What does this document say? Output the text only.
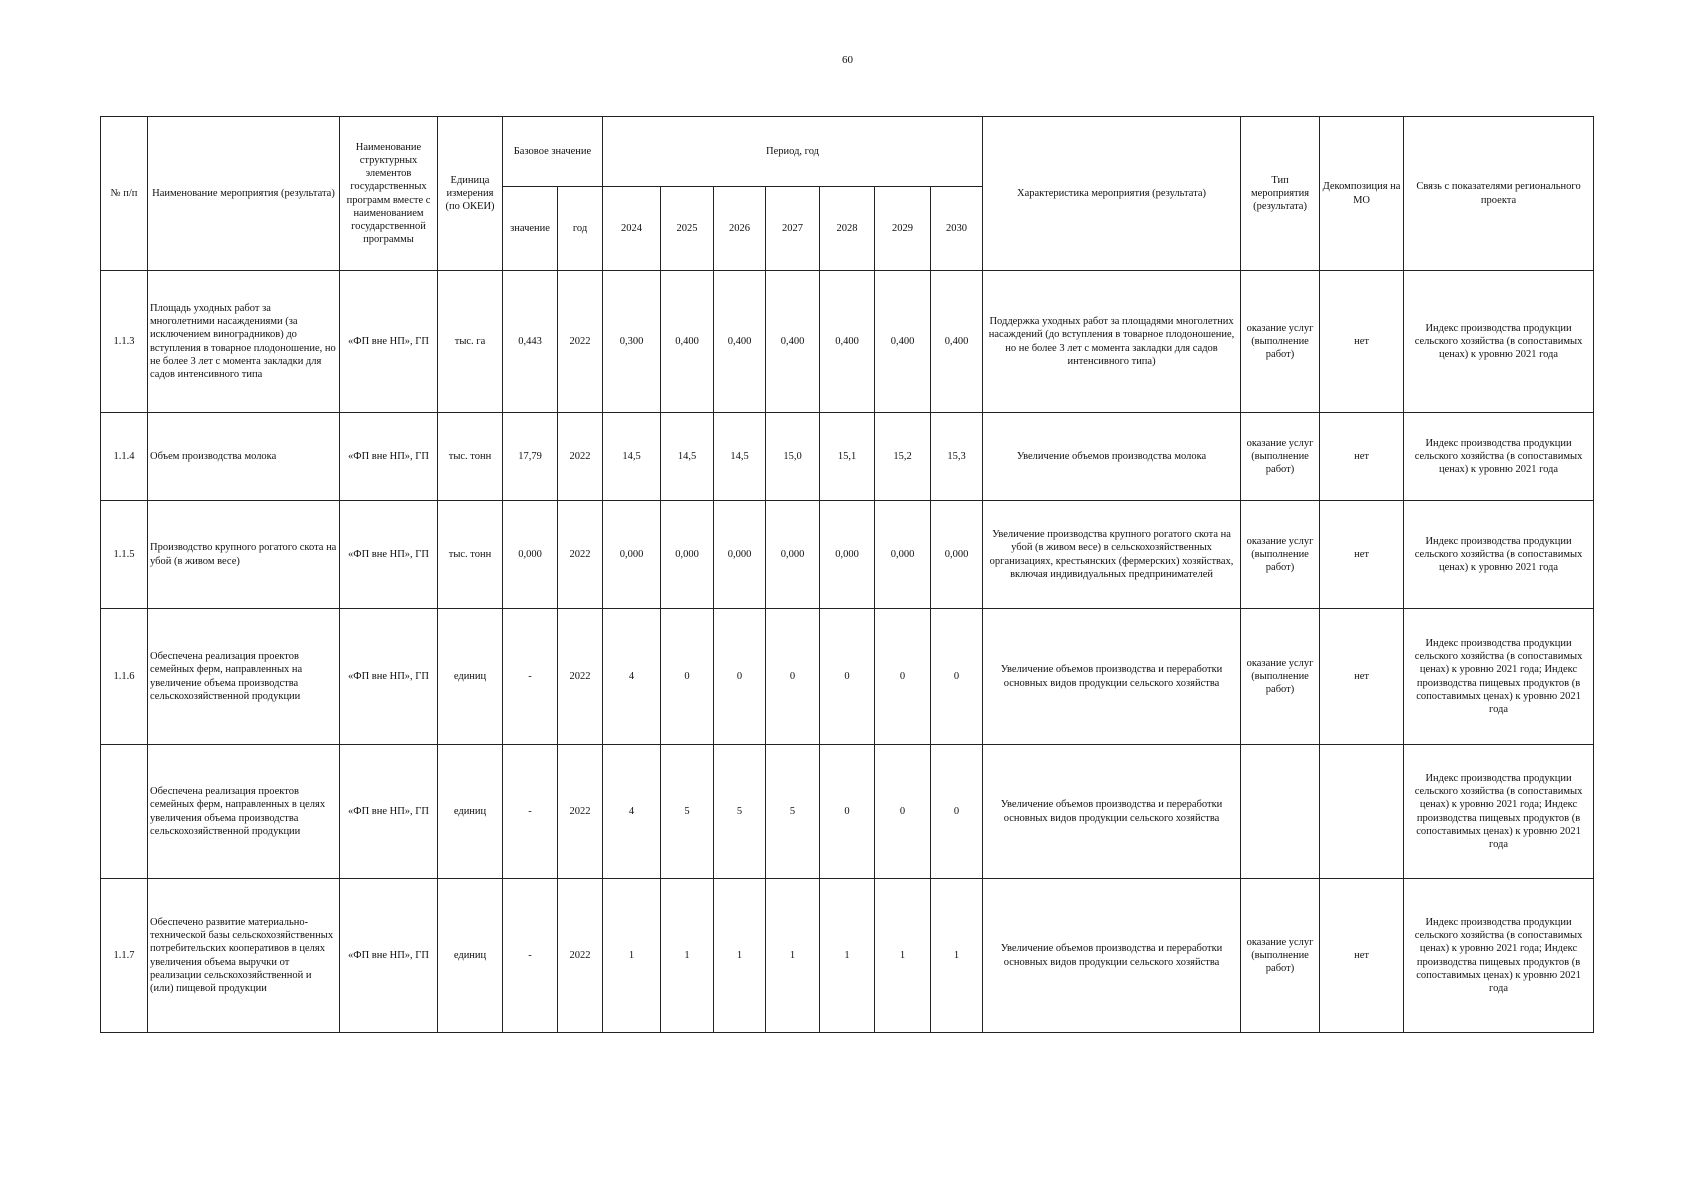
60
№ п/п	Наименование мероприятия (результата)	Наименование структурных элементов государственных программ вместе с наименованием государственной программы	Единица измерения (по ОКЕИ)	Базовое значение		Период, год							Характеристика мероприятия (результата)	Тип мероприятия (результата)	Декомпозиция на МО	Связь с показателями регионального проекта
				значение	год	2024	2025	2026	2027	2028	2029	2030				
1.1.3	Площадь уходных работ за многолетними насаждениями (за исключением виноградников) до вступления в товарное плодоношение, но не более 3 лет с момента закладки для садов интенсивного типа	«ФП вне НП», ГП	тыс. га	0,443	2022	0,300	0,400	0,400	0,400	0,400	0,400	0,400	Поддержка уходных работ за площадями многолетних насаждений (до вступления в товарное плодоношение, но не более 3 лет с момента закладки для садов интенсивного типа)	оказание услуг (выполнение работ)	нет	Индекс производства продукции сельского хозяйства (в сопоставимых ценах) к уровню 2021 года
1.1.4	Объем производства молока	«ФП вне НП», ГП	тыс. тонн	17,79	2022	14,5	14,5	14,5	15,0	15,1	15,2	15,3	Увеличение объемов производства молока	оказание услуг (выполнение работ)	нет	Индекс производства продукции сельского хозяйства (в сопоставимых ценах) к уровню 2021 года
1.1.5	Производство крупного рогатого скота на убой (в живом весе)	«ФП вне НП», ГП	тыс. тонн	0,000	2022	0,000	0,000	0,000	0,000	0,000	0,000	0,000	Увеличение производства крупного рогатого скота на убой (в живом весе) в сельскохозяйственных организациях, крестьянских (фермерских) хозяйствах, включая индивидуальных предпринимателей	оказание услуг (выполнение работ)	нет	Индекс производства продукции сельского хозяйства (в сопоставимых ценах) к уровню 2021 года
1.1.6	Обеспечена реализация проектов семейных ферм, направленных на увеличение объема производства сельскохозяйственной продукции	«ФП вне НП», ГП	единиц	-	2022	4	0	0	0	0	0	0	Увеличение объемов производства и переработки основных видов продукции сельского хозяйства	оказание услуг (выполнение работ)	нет	Индекс производства продукции сельского хозяйства (в сопоставимых ценах) к уровню 2021 года; Индекс производства пищевых продуктов (в сопоставимых ценах) к уровню 2021 года
	Обеспечена реализация проектов семейных ферм, направленных в целях увеличения объема производства сельскохозяйственной продукции	«ФП вне НП», ГП	единиц	-	2022	4	5	5	5	0	0	0	Увеличение объемов производства и переработки основных видов продукции сельского хозяйства			Индекс производства продукции сельского хозяйства (в сопоставимых ценах) к уровню 2021 года; Индекс производства пищевых продуктов (в сопоставимых ценах) к уровню 2021 года
1.1.7	Обеспечено развитие материально-технической базы сельскохозяйственных потребительских кооперативов в целях увеличения объема выручки от реализации сельскохозяйственной и (или) пищевой продукции	«ФП вне НП», ГП	единиц	-	2022	1	1	1	1	1	1	1	Увеличение объемов производства и переработки основных видов продукции сельского хозяйства	оказание услуг (выполнение работ)	нет	Индекс производства продукции сельского хозяйства (в сопоставимых ценах) к уровню 2021 года; Индекс производства пищевых продуктов (в сопоставимых ценах) к уровню 2021 года
